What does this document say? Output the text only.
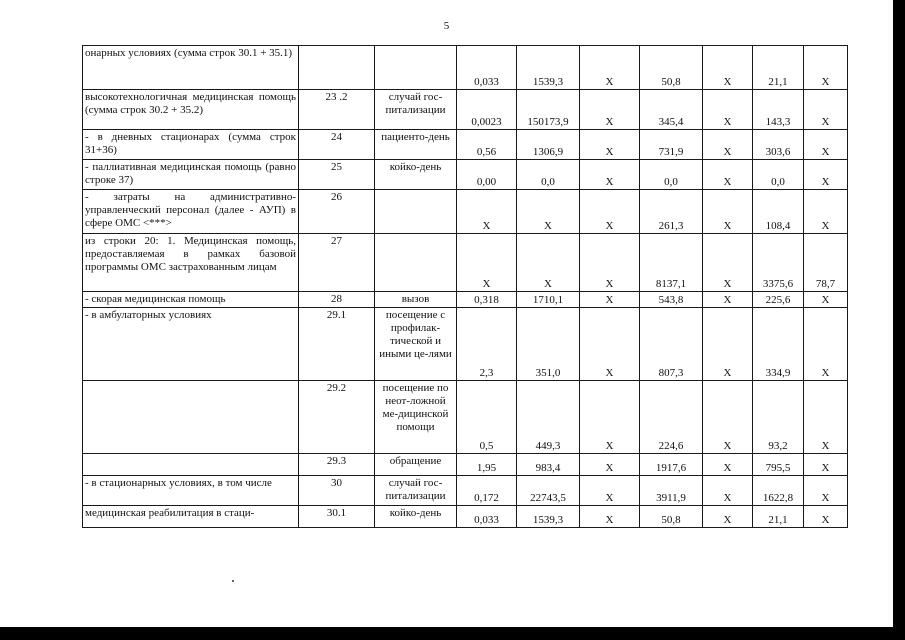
5
онарных условиях (сумма строк 30.1 + 35.1)			0,033	1539,3	Х	50,8	Х	21,1	Х
высокотехнологичная медицинская помощь (сумма строк 30.2 + 35.2)	23 .2	случай гос-питализации	0,0023	150173,9	Х	345,4	Х	143,3	Х
- в дневных стационарах (сумма строк 31+36)	24	пациенто-день	0,56	1306,9	Х	731,9	Х	303,6	Х
- паллиативная медицинская помощь (равно строке 37)	25	койко-день	0,00	0,0	Х	0,0	Х	0,0	Х
- затраты на административно-управленческий персонал (далее - АУП) в сфере ОМС <***>	26		Х	Х	Х	261,3	Х	108,4	Х
из строки 20: 1. Медицинская помощь, предоставляемая в рамках базовой программы ОМС застрахованным лицам	27		Х	Х	Х	8137,1	Х	3375,6	78,7
- скорая медицинская помощь	28	вызов	0,318	1710,1	Х	543,8	Х	225,6	Х
- в амбулаторных условиях	29.1	посещение с профилак-тической и иными це-лями	2,3	351,0	Х	807,3	Х	334,9	Х
	29.2	посещение по неот-ложной ме-дицинской помощи	0,5	449,3	Х	224,6	Х	93,2	Х
	29.3	обращение	1,95	983,4	Х	1917,6	Х	795,5	Х
- в стационарных условиях, в том числе	30	случай гос-питализации	0,172	22743,5	Х	3911,9	Х	1622,8	Х
медицинская реабилитация в стаци-	30.1	койко-день	0,033	1539,3	Х	50,8	Х	21,1	Х
